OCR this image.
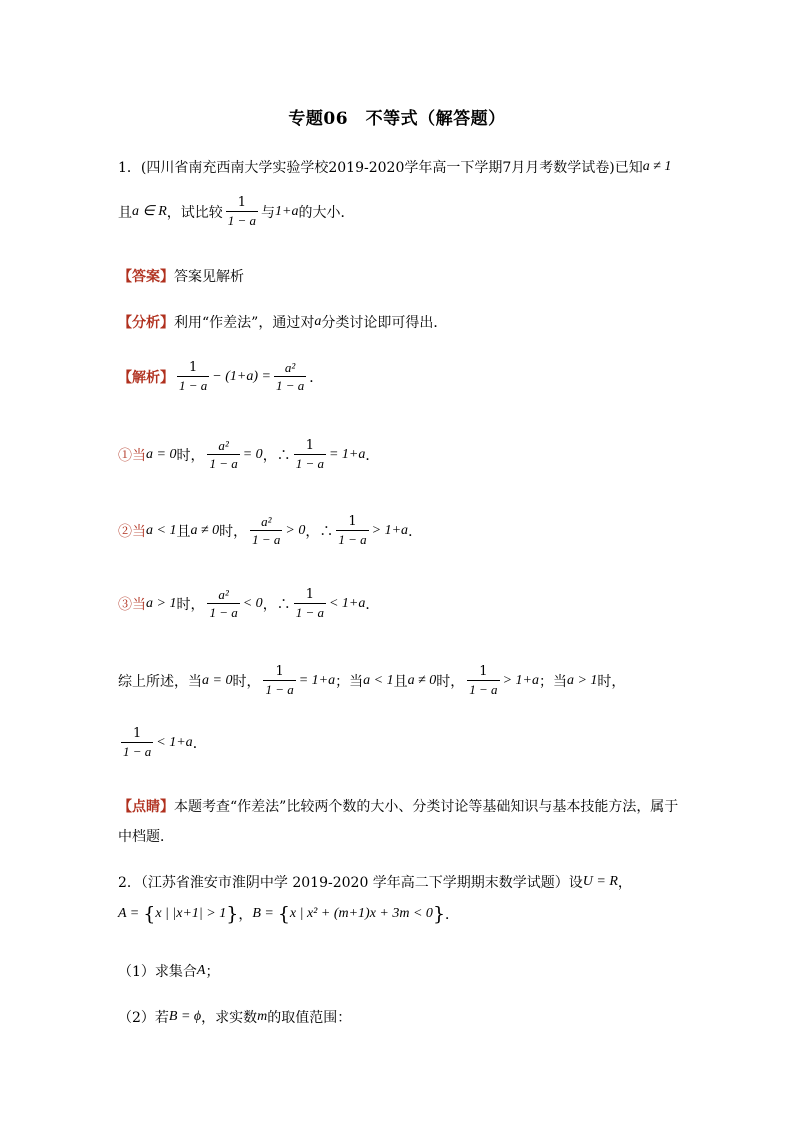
专题06　不等式（解答题）
1．(四川省南充西南大学实验学校2019-2020学年高一下学期7月月考数学试卷)已知 a ≠ 1
且 a ∈ R ，试比较 $\frac{1}{1 - a}$ 与 1+a 的大小．
【答案】 答案见解析
【分析】 利用“作差法”，通过对 a 分类讨论即可得出．
【解析】 $\frac{1}{1 - a} - (1+a) = \frac{\text{a²}}{1 - a}$ ．
①当 a = 0 时， $\frac{\text{a²}}{1 - a} = 0$ ，∴ $\frac{1}{1 - a} = 1+a$ ．
②当 a < 1 且 a ≠ 0 时， $\frac{\text{a²}}{1 - a} > 0$ ，∴ $\frac{1}{1 - a} > 1+a$ ．
③当 a > 1 时， $\frac{\text{a²}}{1 - a} < 0$ ，∴ $\frac{1}{1 - a} < 1+a$ ．
综上所述，当 a = 0 时， $\frac{1}{1 - a} = 1+a$ ；当 a < 1 且 a ≠ 0 时， $\frac{1}{1 - a} > 1+a$ ；当 a > 1 时，
$\frac{1}{1 - a} < 1+a$ ．
【点睛】 本题考查“作差法”比较两个数的大小、分类讨论等基础知识与基本技能方法，属于
中档题．
2．（江苏省淮安市淮阴中学 2019-2020 学年高二下学期期末数学试题）设 U = R ，
A = { x | |x+1| > 1 } ， B = { x | x² + (m+1)x + 3m < 0 } ．
（1） 求集合 A ；
（2） 若 B = ϕ ，求实数 m 的取值范围：
